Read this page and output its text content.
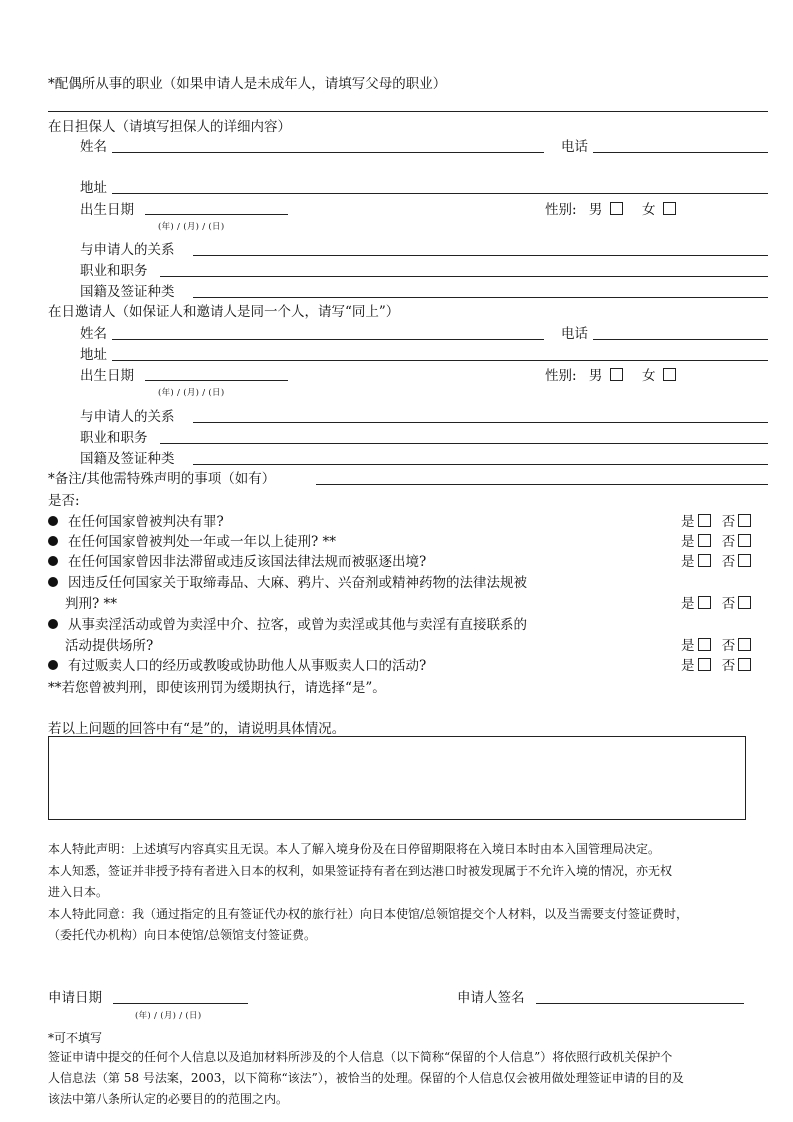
*配偶所从事的职业（如果申请人是未成年人，请填写父母的职业）
在日担保人（请填写担保人的详细内容）
姓名	电话
地址
出生日期
(年) / (月) / (日)
性别: 男	女
与申请人的关系
职业和职务
国籍及签证种类
在日邀请人（如保证人和邀请人是同一个人，请写“同上”）
姓名	电话
地址
出生日期
(年) / (月) / (日)
性别: 男	女
与申请人的关系
职业和职务
国籍及签证种类
*备注/其他需特殊声明的事项（如有）
是否:
在任何国家曾被判决有罪?	是 否
在任何国家曾被判处一年或一年以上徒刑? **	是 否
在任何国家曾因非法滞留或违反该国法律法规而被驱逐出境?	是 否
因违反任何国家关于取缔毒品、大麻、鸦片、兴奋剂或精神药物的法律法规被
判刑? **	是 否
从事卖淫活动或曾为卖淫中介、拉客，或曾为卖淫或其他与卖淫有直接联系的
活动提供场所?	是 否
有过贩卖人口的经历或教唆或协助他人从事贩卖人口的活动?	是 否
**若您曾被判刑，即使该刑罚为缓期执行，请选择“是”。
若以上问题的回答中有“是”的，请说明具体情况。
本人特此声明：上述填写内容真实且无误。本人了解入境身份及在日停留期限将在入境日本时由本入国管理局决定。
本人知悉，签证并非授予持有者进入日本的权利，如果签证持有者在到达港口时被发现属于不允许入境的情况，亦无权
进入日本。
本人特此同意：我（通过指定的且有签证代办权的旅行社）向日本使馆/总领馆提交个人材料，以及当需要支付签证费时，
（委托代办机构）向日本使馆/总领馆支付签证费。
申请日期
(年) / (月) / (日)
申请人签名
*可不填写
签证申请中提交的任何个人信息以及追加材料所涉及的个人信息（以下简称“保留的个人信息”）将依照行政机关保护个
人信息法（第 58 号法案，2003，以下简称“该法”），被恰当的处理。保留的个人信息仅会被用做处理签证申请的目的及
该法中第八条所认定的必要目的的范围之内。
